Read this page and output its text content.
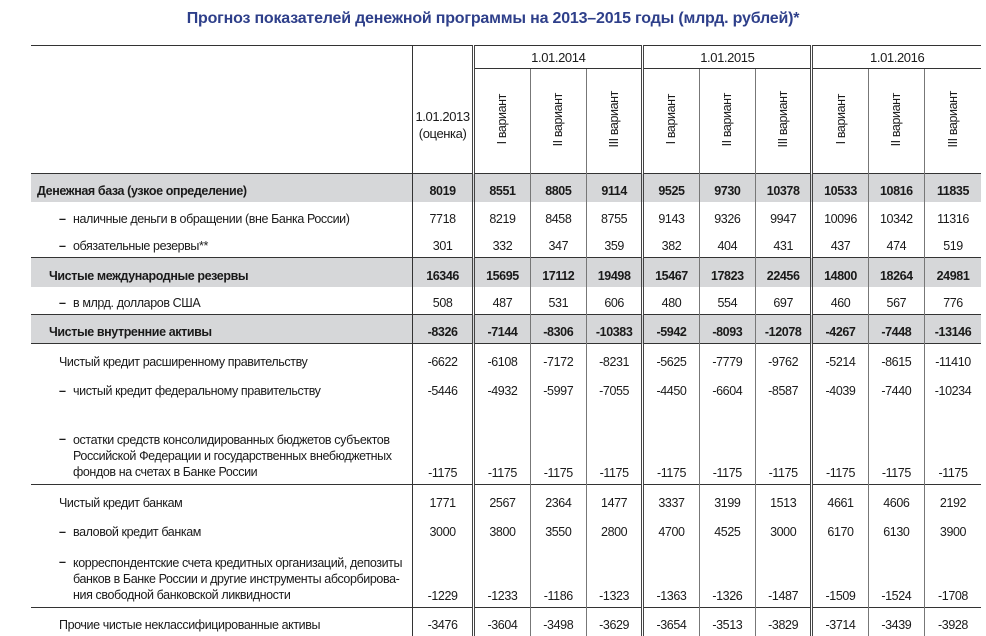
Прогноз показателей денежной программы на 2013–2015 годы (млрд. рублей)*
	1.01.2013 (оценка)	1.01.2014			1.01.2015			1.01.2016		
		I вариант	II вариант	III вариант	I вариант	II вариант	III вариант	I вариант	II вариант	III вариант
Денежная база (узкое определение)	8019	8551	8805	9114	9525	9730	10378	10533	10816	11835
–наличные деньги в обращении (вне Банка России)	7718	8219	8458	8755	9143	9326	9947	10096	10342	11316
–обязательные резервы**	301	332	347	359	382	404	431	437	474	519
Чистые международные резервы	16346	15695	17112	19498	15467	17823	22456	14800	18264	24981
–в млрд. долларов США	508	487	531	606	480	554	697	460	567	776
Чистые внутренние активы	-8326	-7144	-8306	-10383	-5942	-8093	-12078	-4267	-7448	-13146
Чистый кредит расширенному правительству	-6622	-6108	-7172	-8231	-5625	-7779	-9762	-5214	-8615	-11410
–чистый кредит федеральному правительству	-5446	-4932	-5997	-7055	-4450	-6604	-8587	-4039	-7440	-10234

–
остатки средств консолидированных бюджетов субъектов
Российской Федерации и государственных внебюджетных
фондов на счетах в Банке России	-1175	-1175	-1175	-1175	-1175	-1175	-1175	-1175	-1175	-1175
Чистый кредит банкам	1771	2567	2364	1477	3337	3199	1513	4661	4606	2192
–валовой кредит банкам	3000	3800	3550	2800	4700	4525	3000	6170	6130	3900

–
корреспондентские счета кредитных организаций, депозиты
банков в Банке России и другие инструменты абсорбирова-
ния свободной банковской ликвидности	-1229	-1233	-1186	-1323	-1363	-1326	-1487	-1509	-1524	-1708
Прочие чистые неклассифицированные активы	-3476	-3604	-3498	-3629	-3654	-3513	-3829	-3714	-3439	-3928
